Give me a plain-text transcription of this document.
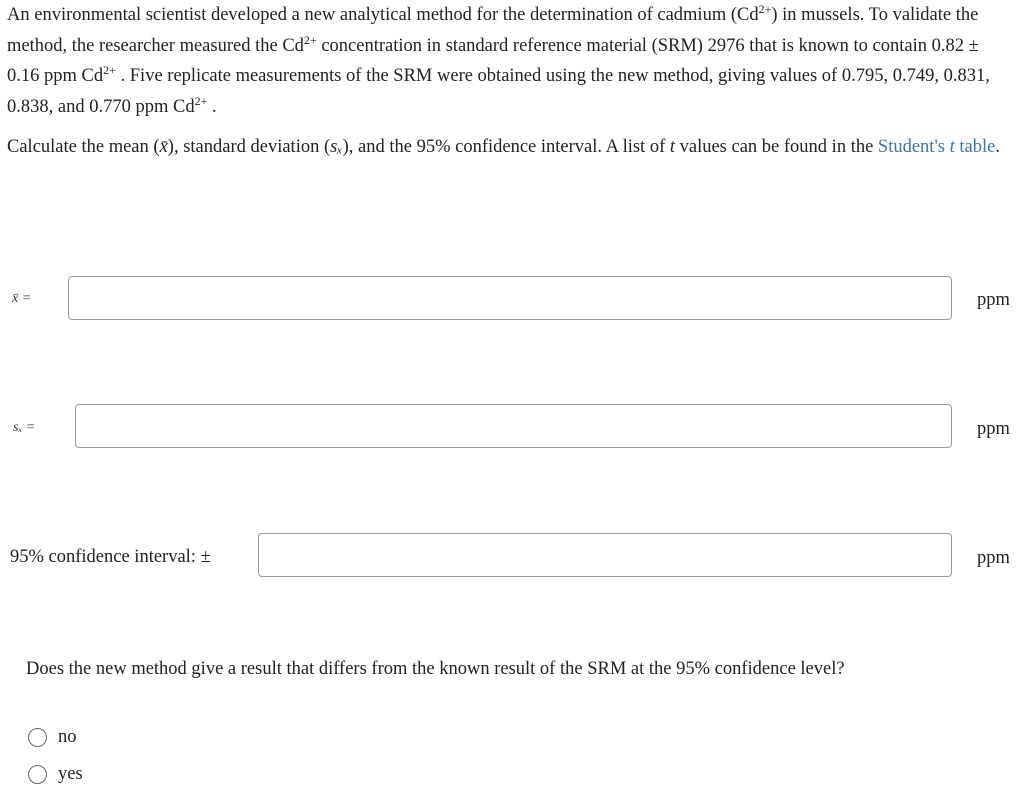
An environmental scientist developed a new analytical method for the determination of cadmium $(Cd^{2+})$ in mussels. To validate the method, the researcher measured the $Cd^{2+}$ concentration in standard reference material (SRM) 2976 that is known to contain 0.82 ± 0.16 ppm $Cd^{2+}$ . Five replicate measurements of the SRM were obtained using the new method, giving values of 0.795, 0.749, 0.831, 0.838, and 0.770 ppm $Cd^{2+}$ .

Calculate the mean (x̄), standard deviation (sₓ), and the 95% confidence interval. A list of t values can be found in the Student's t table.

x̄ =	ppm
sₓ =	ppm
95% confidence interval: ±	ppm

Does the new method give a result that differs from the known result of the SRM at the 95% confidence level?

no
yes
